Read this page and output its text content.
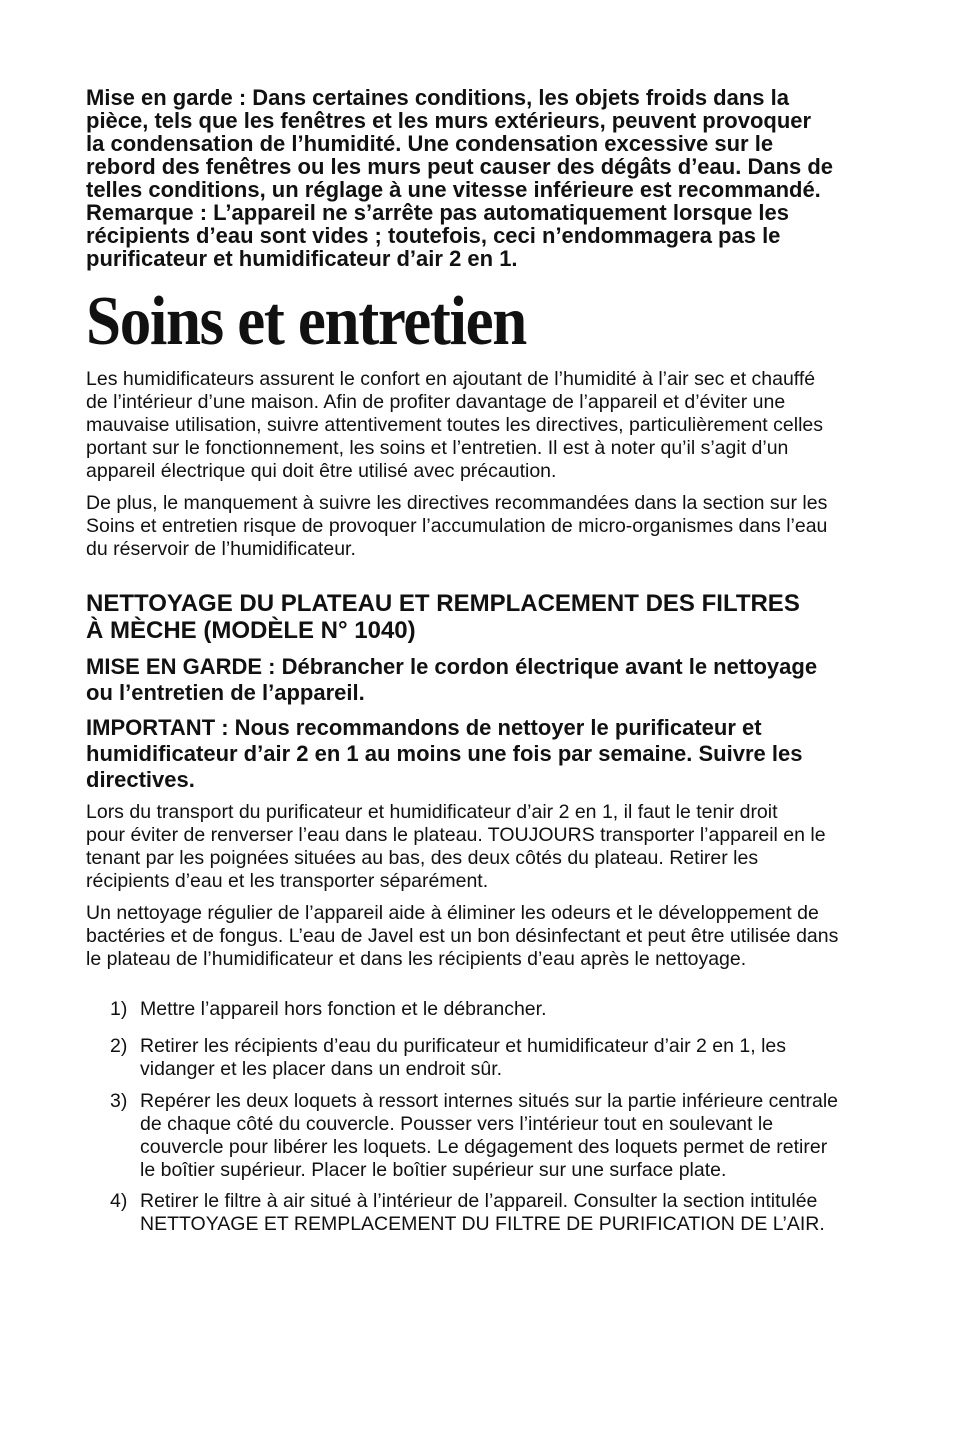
Mise en garde : Dans certaines conditions, les objets froids dans la
pièce, tels que les fenêtres et les murs extérieurs, peuvent provoquer
la condensation de l’humidité. Une condensation excessive sur le
rebord des fenêtres ou les murs peut causer des dégâts d’eau. Dans de
telles conditions, un réglage à une vitesse inférieure est recommandé.
Remarque : L’appareil ne s’arrête pas automatiquement lorsque les
récipients d’eau sont vides ; toutefois, ceci n’endommagera pas le
purificateur et humidificateur d’air 2 en 1.
Soins et entretien
Les humidificateurs assurent le confort en ajoutant de l’humidité à l’air sec et chauffé
de l’intérieur d’une maison. Afin de profiter davantage de l’appareil et d’éviter une
mauvaise utilisation, suivre attentivement toutes les directives, particulièrement celles
portant sur le fonctionnement, les soins et l’entretien. Il est à noter qu’il s’agit d’un
appareil électrique qui doit être utilisé avec précaution.
De plus, le manquement à suivre les directives recommandées dans la section sur les
Soins et entretien risque de provoquer l’accumulation de micro-organismes dans l’eau
du réservoir de l’humidificateur.
NETTOYAGE DU PLATEAU ET REMPLACEMENT DES FILTRES
À MÈCHE (MODÈLE N° 1040)
MISE EN GARDE : Débrancher le cordon électrique avant le nettoyage
ou l’entretien de l’appareil.
IMPORTANT : Nous recommandons de nettoyer le purificateur et
humidificateur d’air 2 en 1 au moins une fois par semaine. Suivre les
directives.
Lors du transport du purificateur et humidificateur d’air 2 en 1, il faut le tenir droit
pour éviter de renverser l’eau dans le plateau. TOUJOURS transporter l’appareil en le
tenant par les poignées situées au bas, des deux côtés du plateau. Retirer les
récipients d’eau et les transporter séparément.
Un nettoyage régulier de l’appareil aide à éliminer les odeurs et le développement de
bactéries et de fongus. L’eau de Javel est un bon désinfectant et peut être utilisée dans
le plateau de l’humidificateur et dans les récipients d’eau après le nettoyage.
1) Mettre l’appareil hors fonction et le débrancher.
2) Retirer les récipients d’eau du purificateur et humidificateur d’air 2 en 1, les
vidanger et les placer dans un endroit sûr.
3) Repérer les deux loquets à ressort internes situés sur la partie inférieure centrale
de chaque côté du couvercle. Pousser vers l’intérieur tout en soulevant le
couvercle pour libérer les loquets. Le dégagement des loquets permet de retirer
le boîtier supérieur. Placer le boîtier supérieur sur une surface plate.
4) Retirer le filtre à air situé à l’intérieur de l’appareil. Consulter la section intitulée
NETTOYAGE ET REMPLACEMENT DU FILTRE DE PURIFICATION DE L’AIR.
